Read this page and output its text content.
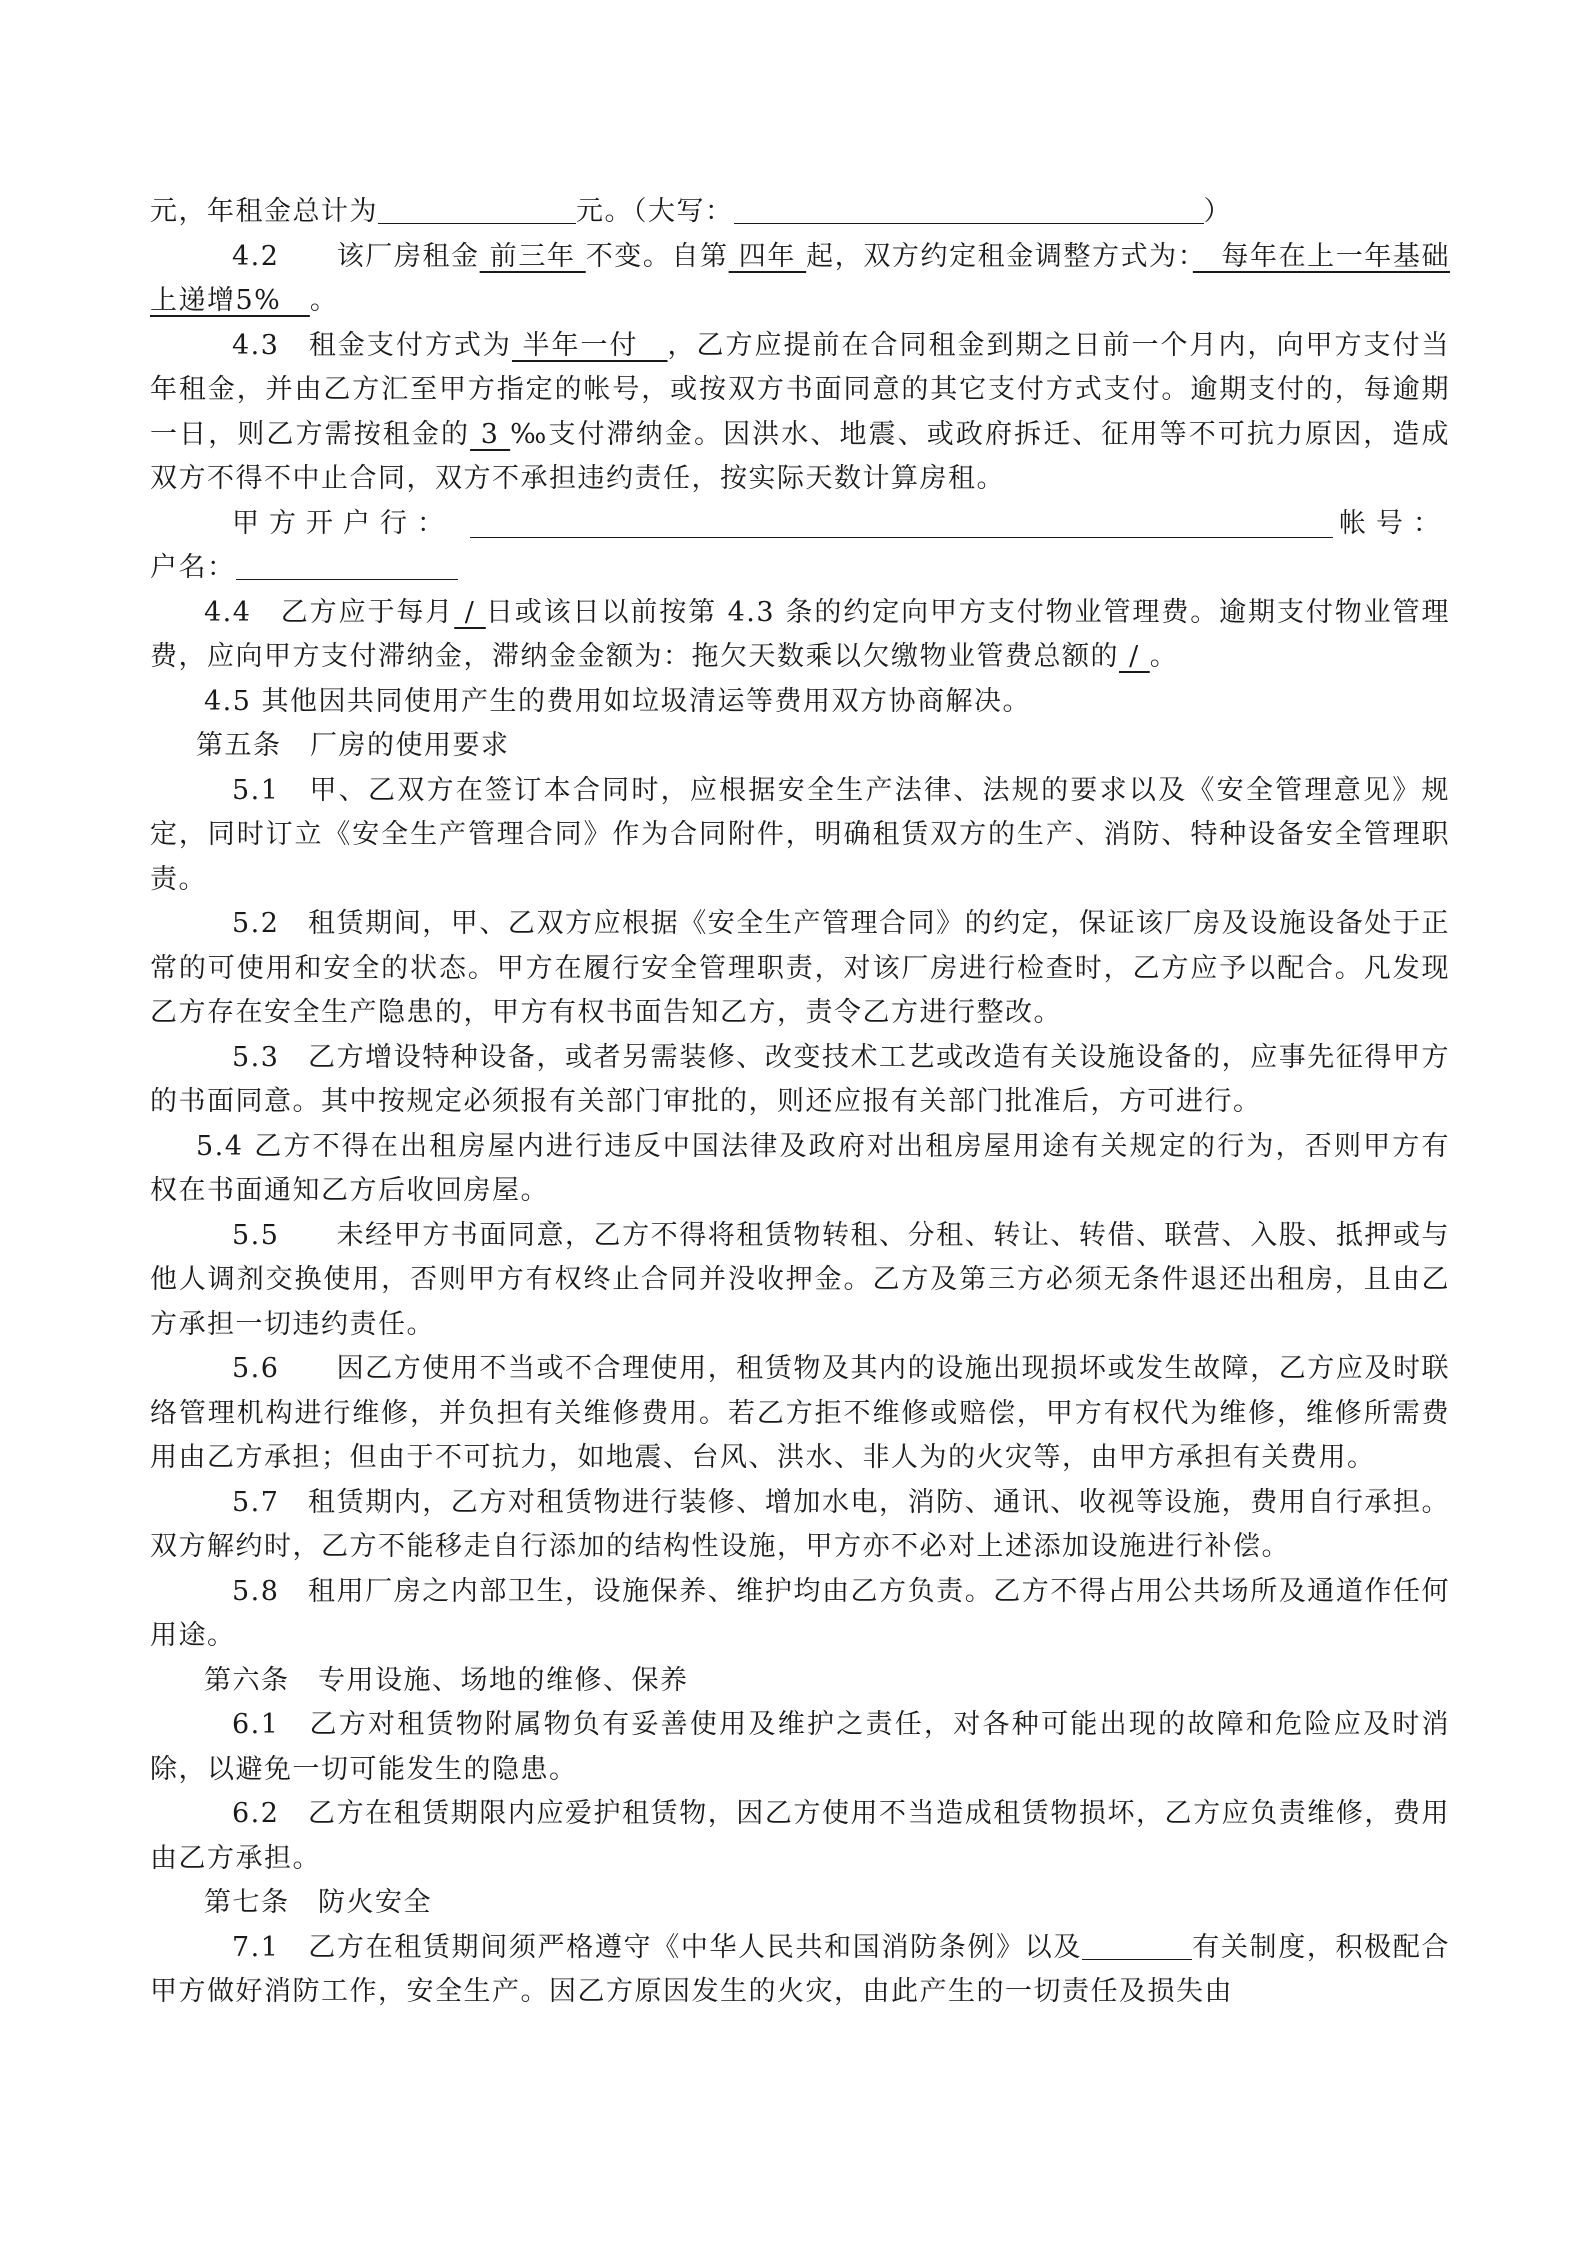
元，年租金总计为	元。（大写：	）

4.2　　该厂房租金 前三年 不变。自第 四年 起，双方约定租金调整方式为：　每年在上一年基础上递增5%　。

4.3　租金支付方式为 半年一付　，乙方应提前在合同租金到期之日前一个月内，向甲方支付当年租金，并由乙方汇至甲方指定的帐号，或按双方书面同意的其它支付方式支付。逾期支付的，每逾期一日，则乙方需按租金的 3 ‰支付滞纳金。因洪水、地震、或政府拆迁、征用等不可抗力原因，造成双方不得不中止合同，双方不承担违约责任，按实际天数计算房租。

甲方开户行：	帐号：

户名：

4.4　乙方应于每月 / 日或该日以前按第 4.3 条的约定向甲方支付物业管理费。逾期支付物业管理费，应向甲方支付滞纳金，滞纳金金额为：拖欠天数乘以欠缴物业管费总额的 / 。

4.5 其他因共同使用产生的费用如垃圾清运等费用双方协商解决。

第五条　厂房的使用要求

5.1　甲、乙双方在签订本合同时，应根据安全生产法律、法规的要求以及《安全管理意见》规定，同时订立《安全生产管理合同》作为合同附件，明确租赁双方的生产、消防、特种设备安全管理职责。

5.2　租赁期间，甲、乙双方应根据《安全生产管理合同》的约定，保证该厂房及设施设备处于正常的可使用和安全的状态。甲方在履行安全管理职责，对该厂房进行检查时，乙方应予以配合。凡发现乙方存在安全生产隐患的，甲方有权书面告知乙方，责令乙方进行整改。

5.3　乙方增设特种设备，或者另需装修、改变技术工艺或改造有关设施设备的，应事先征得甲方的书面同意。其中按规定必须报有关部门审批的，则还应报有关部门批准后，方可进行。

5.4 乙方不得在出租房屋内进行违反中国法律及政府对出租房屋用途有关规定的行为，否则甲方有权在书面通知乙方后收回房屋。

5.5　　未经甲方书面同意，乙方不得将租赁物转租、分租、转让、转借、联营、入股、抵押或与他人调剂交换使用，否则甲方有权终止合同并没收押金。乙方及第三方必须无条件退还出租房，且由乙方承担一切违约责任。

5.6　　因乙方使用不当或不合理使用，租赁物及其内的设施出现损坏或发生故障，乙方应及时联络管理机构进行维修，并负担有关维修费用。若乙方拒不维修或赔偿，甲方有权代为维修，维修所需费用由乙方承担；但由于不可抗力，如地震、台风、洪水、非人为的火灾等，由甲方承担有关费用。

5.7　租赁期内，乙方对租赁物进行装修、增加水电，消防、通讯、收视等设施，费用自行承担。双方解约时，乙方不能移走自行添加的结构性设施，甲方亦不必对上述添加设施进行补偿。

5.8　租用厂房之内部卫生，设施保养、维护均由乙方负责。乙方不得占用公共场所及通道作任何用途。

第六条　专用设施、场地的维修、保养

6.1　乙方对租赁物附属物负有妥善使用及维护之责任，对各种可能出现的故障和危险应及时消除，以避免一切可能发生的隐患。

6.2　乙方在租赁期限内应爱护租赁物，因乙方使用不当造成租赁物损坏，乙方应负责维修，费用由乙方承担。

第七条　防火安全

7.1　乙方在租赁期间须严格遵守《中华人民共和国消防条例》以及	有关制度，积极配合甲方做好消防工作，安全生产。因乙方原因发生的火灾，由此产生的一切责任及损失由
